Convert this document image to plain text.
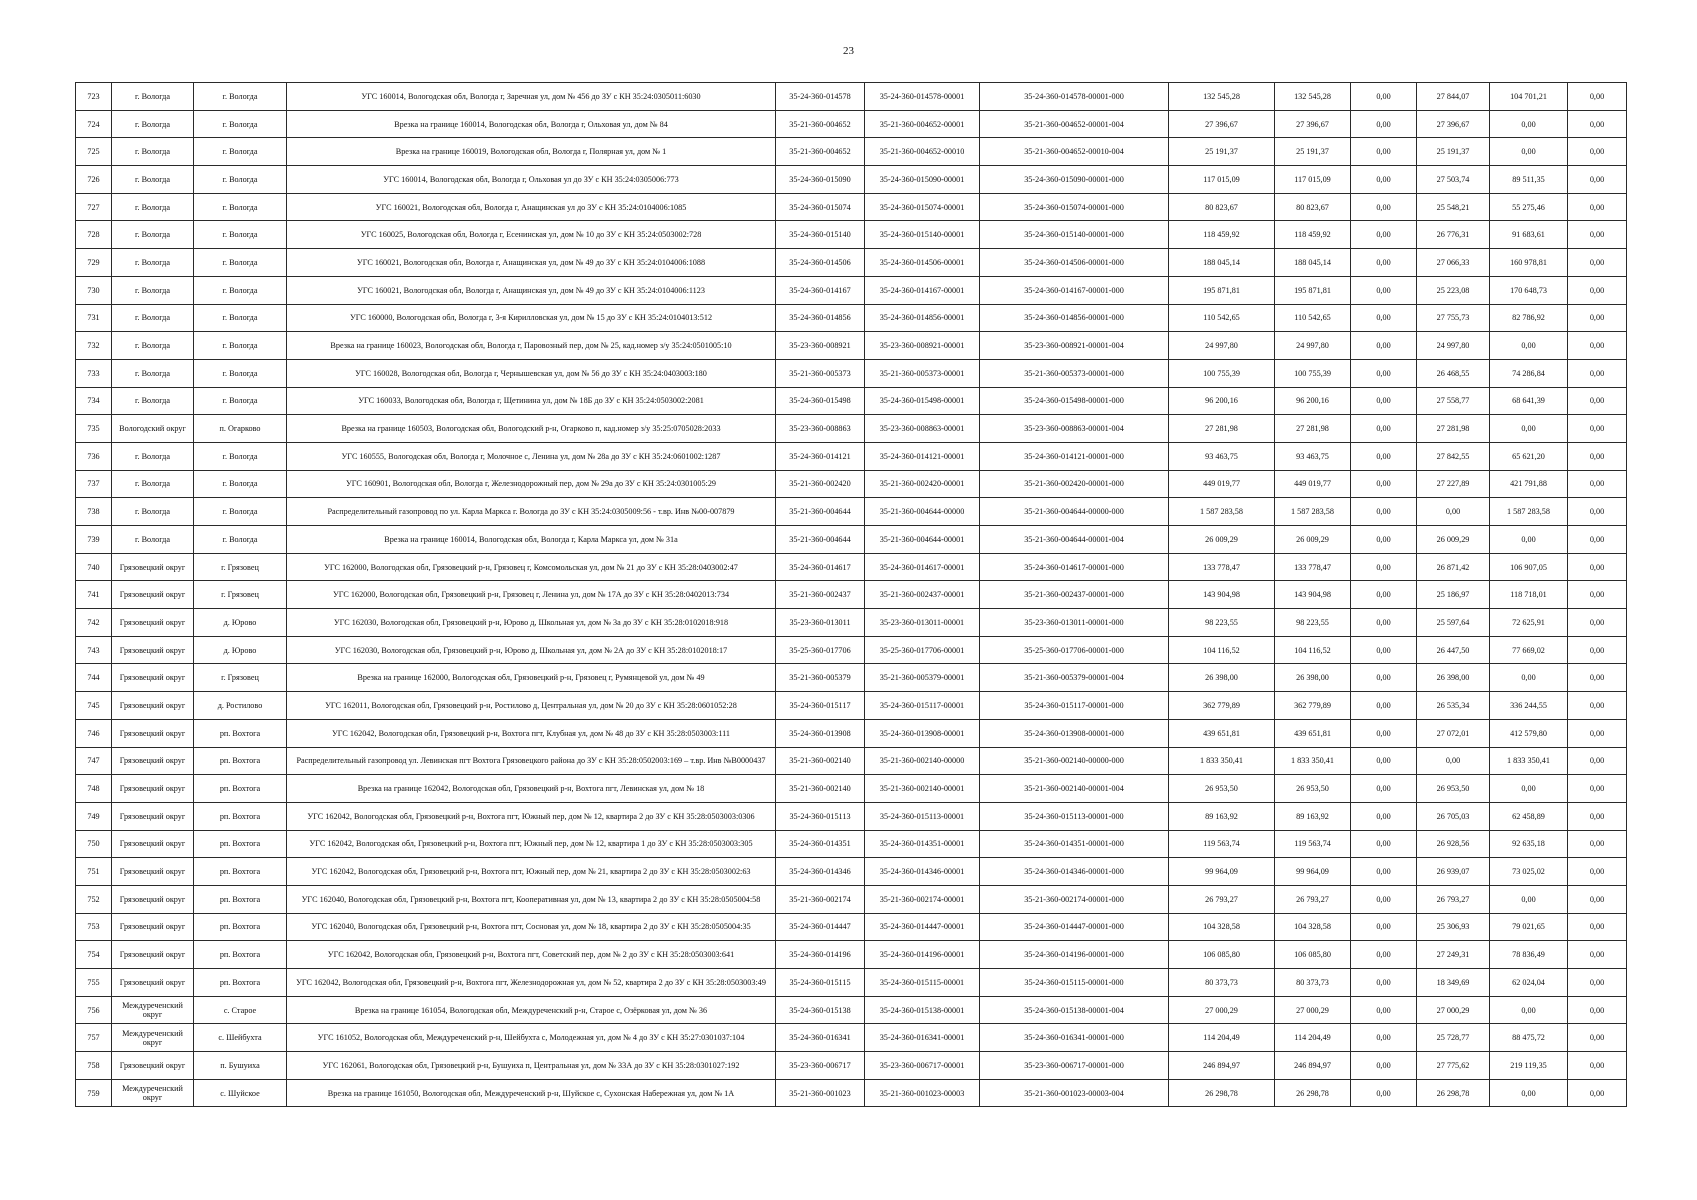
23
723	г. Вологда	г. Вологда	УГС 160014, Вологодская обл, Вологда г, Заречная ул, дом № 456 до ЗУ с КН 35:24:0305011:6030	35-24-360-014578	35-24-360-014578-00001	35-24-360-014578-00001-000	132 545,28	132 545,28	0,00	27 844,07	104 701,21	0,00
724	г. Вологда	г. Вологда	Врезка на границе 160014, Вологодская обл, Вологда г, Ольховая ул, дом № 84	35-21-360-004652	35-21-360-004652-00001	35-21-360-004652-00001-004	27 396,67	27 396,67	0,00	27 396,67	0,00	0,00
725	г. Вологда	г. Вологда	Врезка на границе 160019, Вологодская обл, Вологда г, Полярная ул, дом № 1	35-21-360-004652	35-21-360-004652-00010	35-21-360-004652-00010-004	25 191,37	25 191,37	0,00	25 191,37	0,00	0,00
726	г. Вологда	г. Вологда	УГС 160014, Вологодская обл, Вологда г, Ольховая ул до ЗУ с КН 35:24:0305006:773	35-24-360-015090	35-24-360-015090-00001	35-24-360-015090-00001-000	117 015,09	117 015,09	0,00	27 503,74	89 511,35	0,00
727	г. Вологда	г. Вологда	УГС 160021, Вологодская обл, Вологда г, Анащинская ул до ЗУ с КН 35:24:0104006:1085	35-24-360-015074	35-24-360-015074-00001	35-24-360-015074-00001-000	80 823,67	80 823,67	0,00	25 548,21	55 275,46	0,00
728	г. Вологда	г. Вологда	УГС 160025, Вологодская обл, Вологда г, Есенинская ул, дом № 10 до ЗУ с КН 35:24:0503002:728	35-24-360-015140	35-24-360-015140-00001	35-24-360-015140-00001-000	118 459,92	118 459,92	0,00	26 776,31	91 683,61	0,00
729	г. Вологда	г. Вологда	УГС 160021, Вологодская обл, Вологда г, Анащинская ул, дом № 49 до ЗУ с КН 35:24:0104006:1088	35-24-360-014506	35-24-360-014506-00001	35-24-360-014506-00001-000	188 045,14	188 045,14	0,00	27 066,33	160 978,81	0,00
730	г. Вологда	г. Вологда	УГС 160021, Вологодская обл, Вологда г, Анащинская ул, дом № 49 до ЗУ с КН 35:24:0104006:1123	35-24-360-014167	35-24-360-014167-00001	35-24-360-014167-00001-000	195 871,81	195 871,81	0,00	25 223,08	170 648,73	0,00
731	г. Вологда	г. Вологда	УГС 160000, Вологодская обл, Вологда г, 3-я Кирилловская ул, дом № 15 до ЗУ с КН 35:24:0104013:512	35-24-360-014856	35-24-360-014856-00001	35-24-360-014856-00001-000	110 542,65	110 542,65	0,00	27 755,73	82 786,92	0,00
732	г. Вологда	г. Вологда	Врезка на границе 160023, Вологодская обл, Вологда г, Паровозный пер, дом № 25, кад.номер з/у 35:24:0501005:10	35-23-360-008921	35-23-360-008921-00001	35-23-360-008921-00001-004	24 997,80	24 997,80	0,00	24 997,80	0,00	0,00
733	г. Вологда	г. Вологда	УГС 160028, Вологодская обл, Вологда г, Чернышевская ул, дом № 56 до ЗУ с КН 35:24:0403003:180	35-21-360-005373	35-21-360-005373-00001	35-21-360-005373-00001-000	100 755,39	100 755,39	0,00	26 468,55	74 286,84	0,00
734	г. Вологда	г. Вологда	УГС 160033, Вологодская обл, Вологда г, Щетинина ул, дом № 18Б до ЗУ с КН 35:24:0503002:2081	35-24-360-015498	35-24-360-015498-00001	35-24-360-015498-00001-000	96 200,16	96 200,16	0,00	27 558,77	68 641,39	0,00
735	Вологодский округ	п. Огарково	Врезка на границе 160503, Вологодская обл, Вологодский р-н, Огарково п, кад.номер з/у 35:25:0705028:2033	35-23-360-008863	35-23-360-008863-00001	35-23-360-008863-00001-004	27 281,98	27 281,98	0,00	27 281,98	0,00	0,00
736	г. Вологда	г. Вологда	УГС 160555, Вологодская обл, Вологда г, Молочное с, Ленина ул, дом № 28а до ЗУ с КН 35:24:0601002:1287	35-24-360-014121	35-24-360-014121-00001	35-24-360-014121-00001-000	93 463,75	93 463,75	0,00	27 842,55	65 621,20	0,00
737	г. Вологда	г. Вологда	УГС 160901, Вологодская обл, Вологда г, Железнодорожный пер, дом № 29а до ЗУ с КН 35:24:0301005:29	35-21-360-002420	35-21-360-002420-00001	35-21-360-002420-00001-000	449 019,77	449 019,77	0,00	27 227,89	421 791,88	0,00
738	г. Вологда	г. Вологда	Распределительный газопровод по ул. Карла Маркса г. Вологда до ЗУ с КН 35:24:0305009:56 - т.вр. Инв №00-007879	35-21-360-004644	35-21-360-004644-00000	35-21-360-004644-00000-000	1 587 283,58	1 587 283,58	0,00	0,00	1 587 283,58	0,00
739	г. Вологда	г. Вологда	Врезка на границе 160014, Вологодская обл, Вологда г, Карла Маркса ул, дом № 31а	35-21-360-004644	35-21-360-004644-00001	35-21-360-004644-00001-004	26 009,29	26 009,29	0,00	26 009,29	0,00	0,00
740	Грязовецкий округ	г. Грязовец	УГС 162000, Вологодская обл, Грязовецкий р-н, Грязовец г, Комсомольская ул, дом № 21 до ЗУ с КН 35:28:0403002:47	35-24-360-014617	35-24-360-014617-00001	35-24-360-014617-00001-000	133 778,47	133 778,47	0,00	26 871,42	106 907,05	0,00
741	Грязовецкий округ	г. Грязовец	УГС 162000, Вологодская обл, Грязовецкий р-н, Грязовец г, Ленина ул, дом № 17А до ЗУ с КН 35:28:0402013:734	35-21-360-002437	35-21-360-002437-00001	35-21-360-002437-00001-000	143 904,98	143 904,98	0,00	25 186,97	118 718,01	0,00
742	Грязовецкий округ	д. Юрово	УГС 162030, Вологодская обл, Грязовецкий р-н, Юрово д, Школьная ул, дом № 3а до ЗУ с КН 35:28:0102018:918	35-23-360-013011	35-23-360-013011-00001	35-23-360-013011-00001-000	98 223,55	98 223,55	0,00	25 597,64	72 625,91	0,00
743	Грязовецкий округ	д. Юрово	УГС 162030, Вологодская обл, Грязовецкий р-н, Юрово д, Школьная ул, дом № 2А до ЗУ с КН 35:28:0102018:17	35-25-360-017706	35-25-360-017706-00001	35-25-360-017706-00001-000	104 116,52	104 116,52	0,00	26 447,50	77 669,02	0,00
744	Грязовецкий округ	г. Грязовец	Врезка на границе 162000, Вологодская обл, Грязовецкий р-н, Грязовец г, Румянцевой ул, дом № 49	35-21-360-005379	35-21-360-005379-00001	35-21-360-005379-00001-004	26 398,00	26 398,00	0,00	26 398,00	0,00	0,00
745	Грязовецкий округ	д. Ростилово	УГС 162011, Вологодская обл, Грязовецкий р-н, Ростилово д, Центральная ул, дом № 20 до ЗУ с КН 35:28:0601052:28	35-24-360-015117	35-24-360-015117-00001	35-24-360-015117-00001-000	362 779,89	362 779,89	0,00	26 535,34	336 244,55	0,00
746	Грязовецкий округ	рп. Вохтога	УГС 162042, Вологодская обл, Грязовецкий р-н, Вохтога пгт, Клубная ул, дом № 48 до ЗУ с КН 35:28:0503003:111	35-24-360-013908	35-24-360-013908-00001	35-24-360-013908-00001-000	439 651,81	439 651,81	0,00	27 072,01	412 579,80	0,00
747	Грязовецкий округ	рп. Вохтога	Распределительный газопровод ул. Левинская пгт Вохтога Грязовецкого района до ЗУ с КН 35:28:0502003:169 – т.вр. Инв №В0000437	35-21-360-002140	35-21-360-002140-00000	35-21-360-002140-00000-000	1 833 350,41	1 833 350,41	0,00	0,00	1 833 350,41	0,00
748	Грязовецкий округ	рп. Вохтога	Врезка на границе 162042, Вологодская обл, Грязовецкий р-н, Вохтога пгт, Левинская ул, дом № 18	35-21-360-002140	35-21-360-002140-00001	35-21-360-002140-00001-004	26 953,50	26 953,50	0,00	26 953,50	0,00	0,00
749	Грязовецкий округ	рп. Вохтога	УГС 162042, Вологодская обл, Грязовецкий р-н, Вохтога пгт, Южный пер, дом № 12, квартира 2 до ЗУ с КН 35:28:0503003:0306	35-24-360-015113	35-24-360-015113-00001	35-24-360-015113-00001-000	89 163,92	89 163,92	0,00	26 705,03	62 458,89	0,00
750	Грязовецкий округ	рп. Вохтога	УГС 162042, Вологодская обл, Грязовецкий р-н, Вохтога пгт, Южный пер, дом № 12, квартира 1 до ЗУ с КН 35:28:0503003:305	35-24-360-014351	35-24-360-014351-00001	35-24-360-014351-00001-000	119 563,74	119 563,74	0,00	26 928,56	92 635,18	0,00
751	Грязовецкий округ	рп. Вохтога	УГС 162042, Вологодская обл, Грязовецкий р-н, Вохтога пгт, Южный пер, дом № 21, квартира 2 до ЗУ с КН 35:28:0503002:63	35-24-360-014346	35-24-360-014346-00001	35-24-360-014346-00001-000	99 964,09	99 964,09	0,00	26 939,07	73 025,02	0,00
752	Грязовецкий округ	рп. Вохтога	УГС 162040, Вологодская обл, Грязовецкий р-н, Вохтога пгт, Кооперативная ул, дом № 13, квартира 2 до ЗУ с КН 35:28:0505004:58	35-21-360-002174	35-21-360-002174-00001	35-21-360-002174-00001-000	26 793,27	26 793,27	0,00	26 793,27	0,00	0,00
753	Грязовецкий округ	рп. Вохтога	УГС 162040, Вологодская обл, Грязовецкий р-н, Вохтога пгт, Сосновая ул, дом № 18, квартира 2 до ЗУ с КН 35:28:0505004:35	35-24-360-014447	35-24-360-014447-00001	35-24-360-014447-00001-000	104 328,58	104 328,58	0,00	25 306,93	79 021,65	0,00
754	Грязовецкий округ	рп. Вохтога	УГС 162042, Вологодская обл, Грязовецкий р-н, Вохтога пгт, Советский пер, дом № 2 до ЗУ с КН 35:28:0503003:641	35-24-360-014196	35-24-360-014196-00001	35-24-360-014196-00001-000	106 085,80	106 085,80	0,00	27 249,31	78 836,49	0,00
755	Грязовецкий округ	рп. Вохтога	УГС 162042, Вологодская обл, Грязовецкий р-н, Вохтога пгт, Железнодорожная ул, дом № 52, квартира 2 до ЗУ с КН 35:28:0503003:49	35-24-360-015115	35-24-360-015115-00001	35-24-360-015115-00001-000	80 373,73	80 373,73	0,00	18 349,69	62 024,04	0,00
756	Междуреченский округ	с. Старое	Врезка на границе 161054, Вологодская обл, Междуреченский р-н, Старое с, Озёрковая ул, дом № 36	35-24-360-015138	35-24-360-015138-00001	35-24-360-015138-00001-004	27 000,29	27 000,29	0,00	27 000,29	0,00	0,00
757	Междуреченский округ	с. Шейбухта	УГС 161052, Вологодская обл, Междуреченский р-н, Шейбухта с, Молодежная ул, дом № 4 до ЗУ с КН 35:27:0301037:104	35-24-360-016341	35-24-360-016341-00001	35-24-360-016341-00001-000	114 204,49	114 204,49	0,00	25 728,77	88 475,72	0,00
758	Грязовецкий округ	п. Бушуиха	УГС 162061, Вологодская обл, Грязовецкий р-н, Бушуиха п, Центральная ул, дом № 33А до ЗУ с КН 35:28:0301027:192	35-23-360-006717	35-23-360-006717-00001	35-23-360-006717-00001-000	246 894,97	246 894,97	0,00	27 775,62	219 119,35	0,00
759	Междуреченский округ	с. Шуйское	Врезка на границе 161050, Вологодская обл, Междуреченский р-н, Шуйское с, Сухонская Набережная ул, дом № 1А	35-21-360-001023	35-21-360-001023-00003	35-21-360-001023-00003-004	26 298,78	26 298,78	0,00	26 298,78	0,00	0,00
